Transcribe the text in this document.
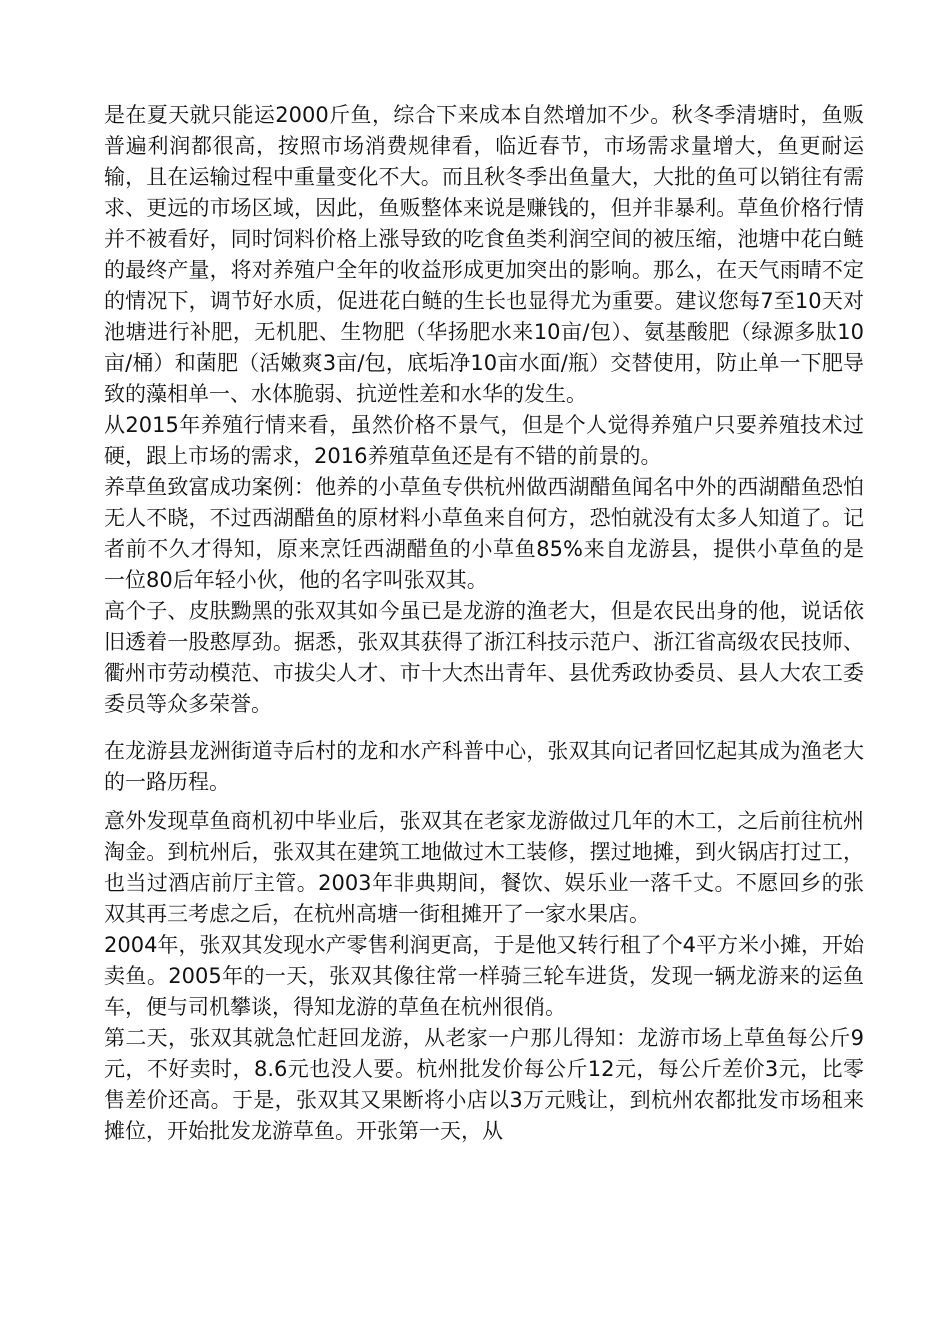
是在夏天就只能运2000斤鱼，综合下来成本自然增加不少。秋冬季清塘时，鱼贩普遍利润都很高，按照市场消费规律看，临近春节，市场需求量增大，鱼更耐运输，且在运输过程中重量变化不大。而且秋冬季出鱼量大，大批的鱼可以销往有需求、更远的市场区域，因此，鱼贩整体来说是赚钱的，但并非暴利。草鱼价格行情并不被看好，同时饲料价格上涨导致的吃食鱼类利润空间的被压缩，池塘中花白鲢的最终产量，将对养殖户全年的收益形成更加突出的影响。那么，在天气雨晴不定的情况下，调节好水质，促进花白鲢的生长也显得尤为重要。建议您每7至10天对池塘进行补肥，无机肥、生物肥（华扬肥水来10亩/包）、氨基酸肥（绿源多肽10亩/桶）和菌肥（活嫩爽3亩/包，底垢净10亩水面/瓶）交替使用，防止单一下肥导致的藻相单一、水体脆弱、抗逆性差和水华的发生。

从2015年养殖行情来看，虽然价格不景气，但是个人觉得养殖户只要养殖技术过硬，跟上市场的需求，2016养殖草鱼还是有不错的前景的。

养草鱼致富成功案例：他养的小草鱼专供杭州做西湖醋鱼闻名中外的西湖醋鱼恐怕无人不晓，不过西湖醋鱼的原材料小草鱼来自何方，恐怕就没有太多人知道了。记者前不久才得知，原来烹饪西湖醋鱼的小草鱼85%来自龙游县，提供小草鱼的是一位80后年轻小伙，他的名字叫张双其。

高个子、皮肤黝黑的张双其如今虽已是龙游的渔老大，但是农民出身的他，说话依旧透着一股憨厚劲。据悉，张双其获得了浙江科技示范户、浙江省高级农民技师、衢州市劳动模范、市拔尖人才、市十大杰出青年、县优秀政协委员、县人大农工委委员等众多荣誉。

在龙游县龙洲街道寺后村的龙和水产科普中心，张双其向记者回忆起其成为渔老大的一路历程。

意外发现草鱼商机初中毕业后，张双其在老家龙游做过几年的木工，之后前往杭州淘金。到杭州后，张双其在建筑工地做过木工装修，摆过地摊，到火锅店打过工，也当过酒店前厅主管。2003年非典期间，餐饮、娱乐业一落千丈。不愿回乡的张双其再三考虑之后，在杭州高塘一街租摊开了一家水果店。

2004年，张双其发现水产零售利润更高，于是他又转行租了个4平方米小摊，开始卖鱼。2005年的一天，张双其像往常一样骑三轮车进货，发现一辆龙游来的运鱼车，便与司机攀谈，得知龙游的草鱼在杭州很俏。

第二天，张双其就急忙赶回龙游，从老家一户那儿得知：龙游市场上草鱼每公斤9元，不好卖时，8.6元也没人要。杭州批发价每公斤12元，每公斤差价3元，比零售差价还高。于是，张双其又果断将小店以3万元贱让，到杭州农都批发市场租来摊位，开始批发龙游草鱼。开张第一天，从
